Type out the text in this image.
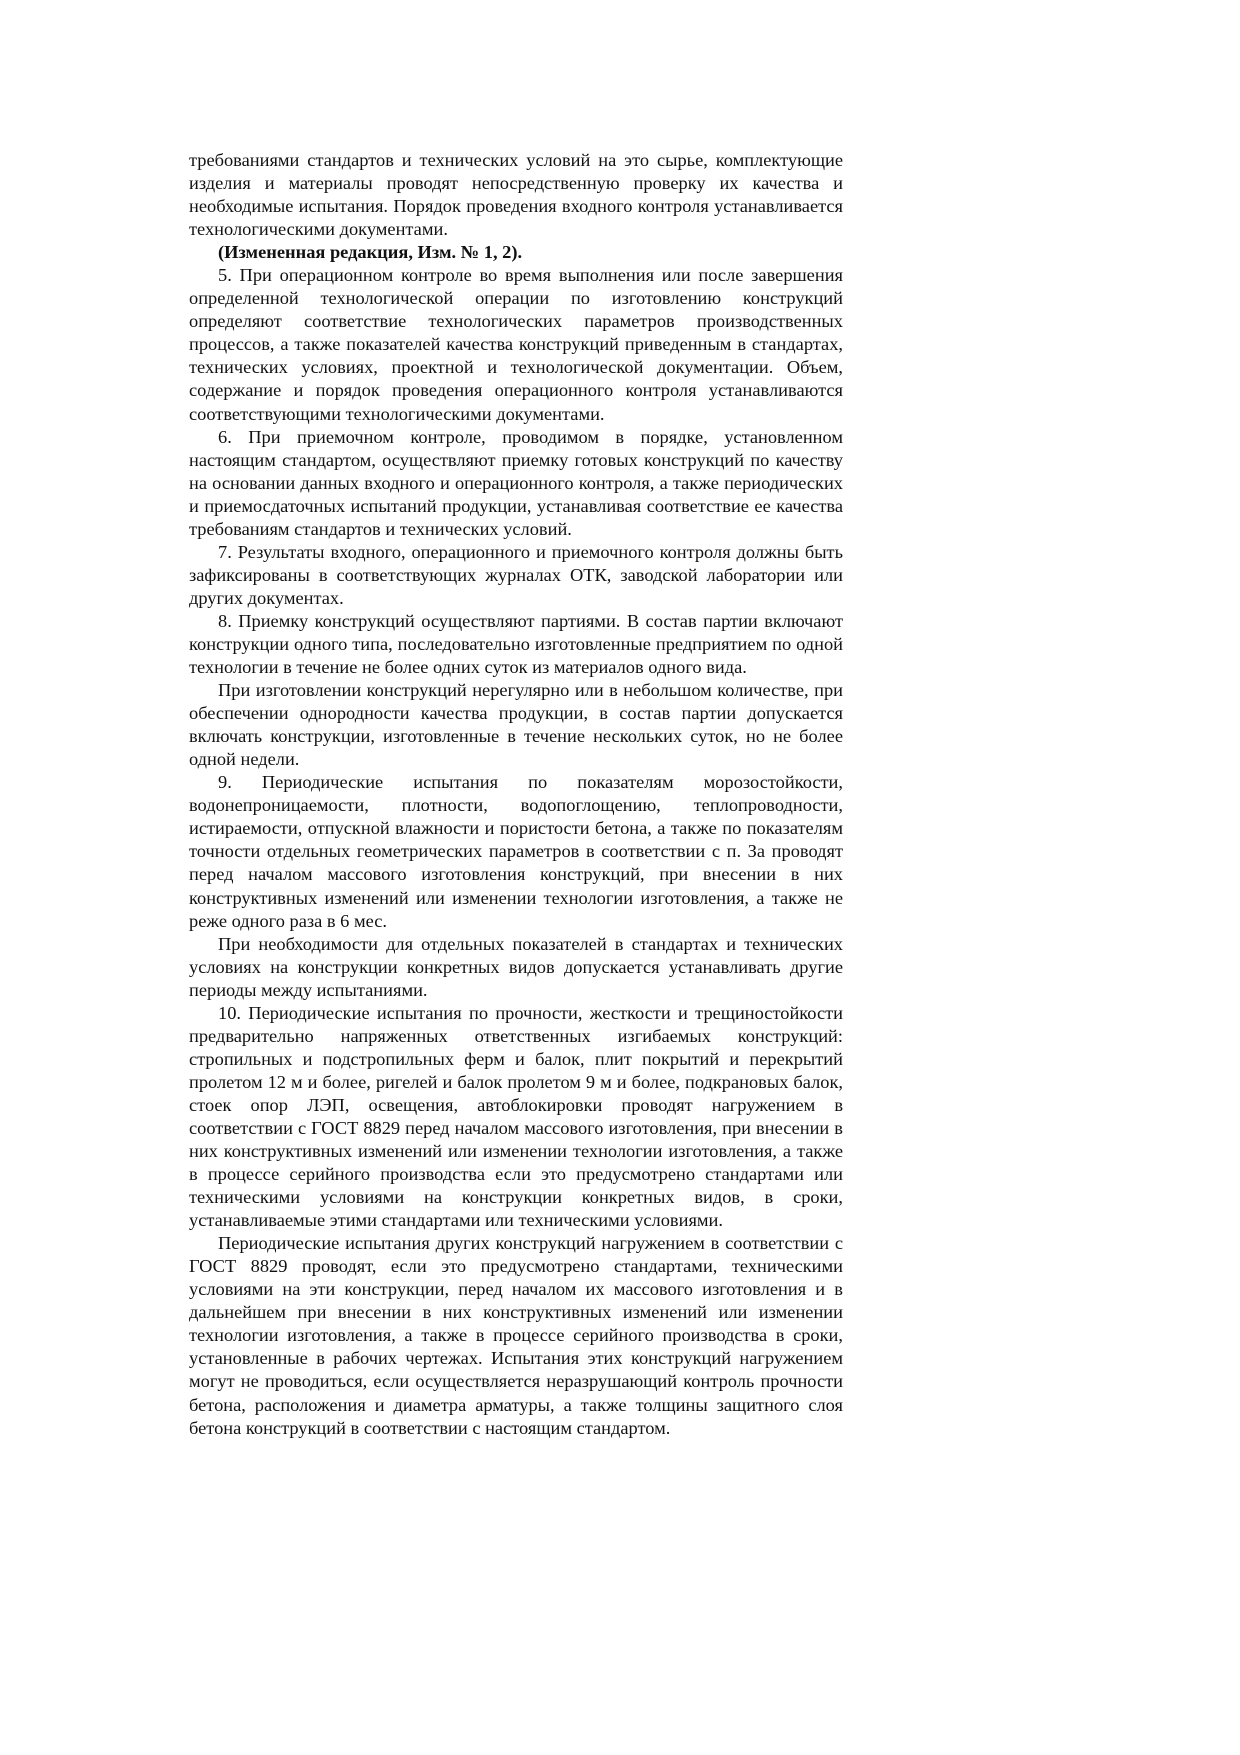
требованиями стандартов и технических условий на это сырье, комплектующие изделия и материалы проводят непосредственную проверку их качества и необходимые испытания. Порядок проведения входного контроля устанавливается технологическими документами.

(Измененная редакция, Изм. № 1, 2).

5. При операционном контроле во время выполнения или после завершения определенной технологической операции по изготовлению конструкций определяют соответствие технологических параметров производственных процессов, а также показателей качества конструкций приведенным в стандартах, технических условиях, проектной и технологической документации. Объем, содержание и порядок проведения операционного контроля устанавливаются соответствующими технологическими документами.

6. При приемочном контроле, проводимом в порядке, установленном настоящим стандартом, осуществляют приемку готовых конструкций по качеству на основании данных входного и операционного контроля, а также периодических и приемосдаточных испытаний продукции, устанавливая соответствие ее качества требованиям стандартов и технических условий.

7. Результаты входного, операционного и приемочного контроля должны быть зафиксированы в соответствующих журналах ОТК, заводской лаборатории или других документах.

8. Приемку конструкций осуществляют партиями. В состав партии включают конструкции одного типа, последовательно изготовленные предприятием по одной технологии в течение не более одних суток из материалов одного вида.

При изготовлении конструкций нерегулярно или в небольшом количестве, при обеспечении однородности качества продукции, в состав партии допускается включать конструкции, изготовленные в течение нескольких суток, но не более одной недели.

9. Периодические испытания по показателям морозостойкости, водонепроницаемости, плотности, водопоглощению, теплопроводности, истираемости, отпускной влажности и пористости бетона, а также по показателям точности отдельных геометрических параметров в соответствии с п. За проводят перед началом массового изготовления конструкций, при внесении в них конструктивных изменений или изменении технологии изготовления, а также не реже одного раза в 6 мес.

При необходимости для отдельных показателей в стандартах и технических условиях на конструкции конкретных видов допускается устанавливать другие периоды между испытаниями.

10. Периодические испытания по прочности, жесткости и трещиностойкости предварительно напряженных ответственных изгибаемых конструкций: стропильных и подстропильных ферм и балок, плит покрытий и перекрытий пролетом 12 м и более, ригелей и балок пролетом 9 м и более, подкрановых балок, стоек опор ЛЭП, освещения, автоблокировки проводят нагружением в соответствии с ГОСТ 8829 перед началом массового изготовления, при внесении в них конструктивных изменений или изменении технологии изготовления, а также в процессе серийного производства если это предусмотрено стандартами или техническими условиями на конструкции конкретных видов, в сроки, устанавливаемые этими стандартами или техническими условиями.

Периодические испытания других конструкций нагружением в соответствии с ГОСТ 8829 проводят, если это предусмотрено стандартами, техническими условиями на эти конструкции, перед началом их массового изготовления и в дальнейшем при внесении в них конструктивных изменений или изменении технологии изготовления, а также в процессе серийного производства в сроки, установленные в рабочих чертежах. Испытания этих конструкций нагружением могут не проводиться, если осуществляется неразрушающий контроль прочности бетона, расположения и диаметра арматуры, а также толщины защитного слоя бетона конструкций в соответствии с настоящим стандартом.
